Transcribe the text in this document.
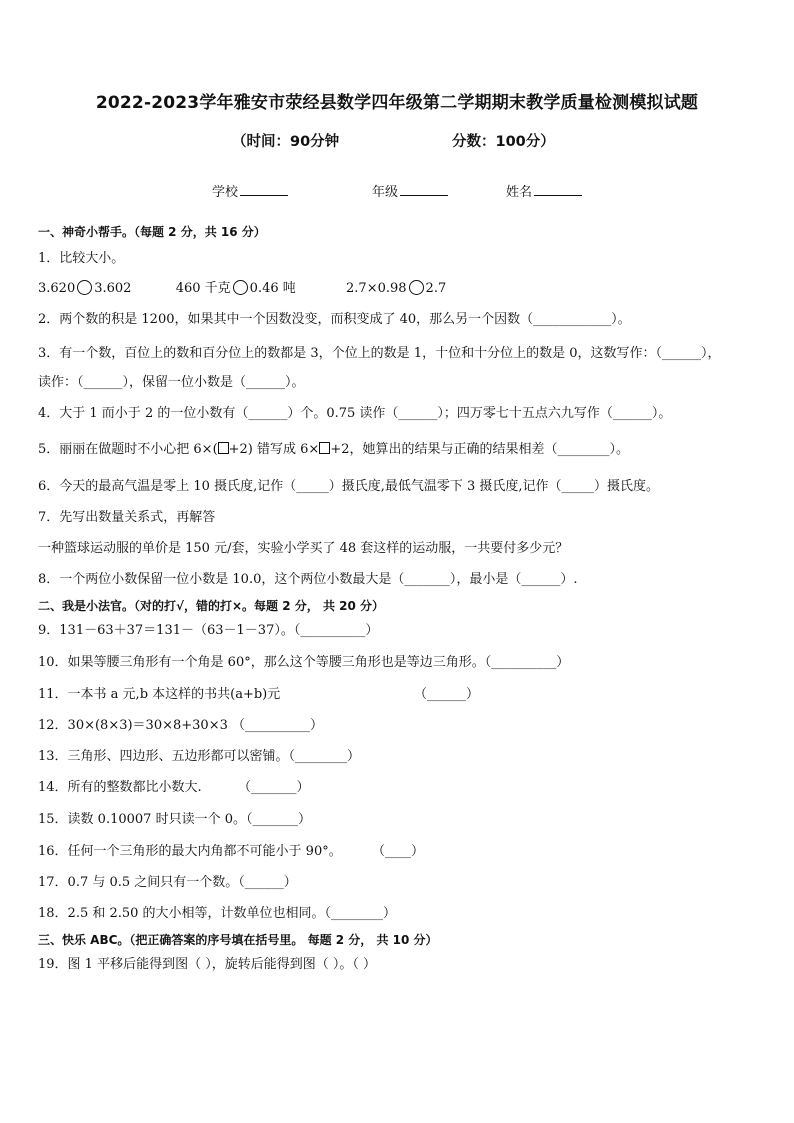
2022-2023学年雅安市荥经县数学四年级第二学期期末教学质量检测模拟试题
（时间：90分钟	分数：100分）
学校	年级	姓名
一、神奇小帮手。（每题 2 分，共 16 分）
1．比较大小。
3.620 3.602	460 千克 0.46 吨	2.7×0.98 2.7
2．两个数的积是 1200，如果其中一个因数没变，而积变成了 40，那么另一个因数（____________）。
3．有一个数，百位上的数和百分位上的数都是 3，个位上的数是 1，十位和十分位上的数是 0，这数写作：（______），
读作：（______），保留一位小数是（______）。
4．大于 1 而小于 2 的一位小数有（______）个。0.75 读作（______）；四万零七十五点六九写作（______）。
5．丽丽在做题时不小心把 6×( +2) 错写成 6× +2，她算出的结果与正确的结果相差（________）。
6．今天的最高气温是零上 10 摄氏度,记作（_____）摄氏度,最低气温零下 3 摄氏度,记作（_____）摄氏度。
7．先写出数量关系式，再解答
一种篮球运动服的单价是 150 元/套，实验小学买了 48 套这样的运动服，一共要付多少元？
8．一个两位小数保留一位小数是 10.0，这个两位小数最大是（_______），最小是（______）.
二、我是小法官。（对的打√，错的打×。每题 2 分， 共 20 分）
9．131－63＋37＝131－（63－1－37）。（__________）
10．如果等腰三角形有一个角是 60°，那么这个等腰三角形也是等边三角形。（__________）
11．一本书 a 元,b 本这样的书共(a+b)元	（______）
12．30×(8×3)＝30×8+30×3 （__________）
13．三角形、四边形、五边形都可以密铺。（________）
14．所有的整数都比小数大.	（_______）
15．读数 0.10007 时只读一个 0。（_______）
16．任何一个三角形的最大内角都不可能小于 90°。 （____）
17．0.7 与 0.5 之间只有一个数。（______）
18．2.5 和 2.50 的大小相等，计数单位也相同。（________）
三、快乐 ABC。（把正确答案的序号填在括号里。 每题 2 分， 共 10 分）
19．图 1 平移后能得到图（ ），旋转后能得到图（ ）。（ ）
